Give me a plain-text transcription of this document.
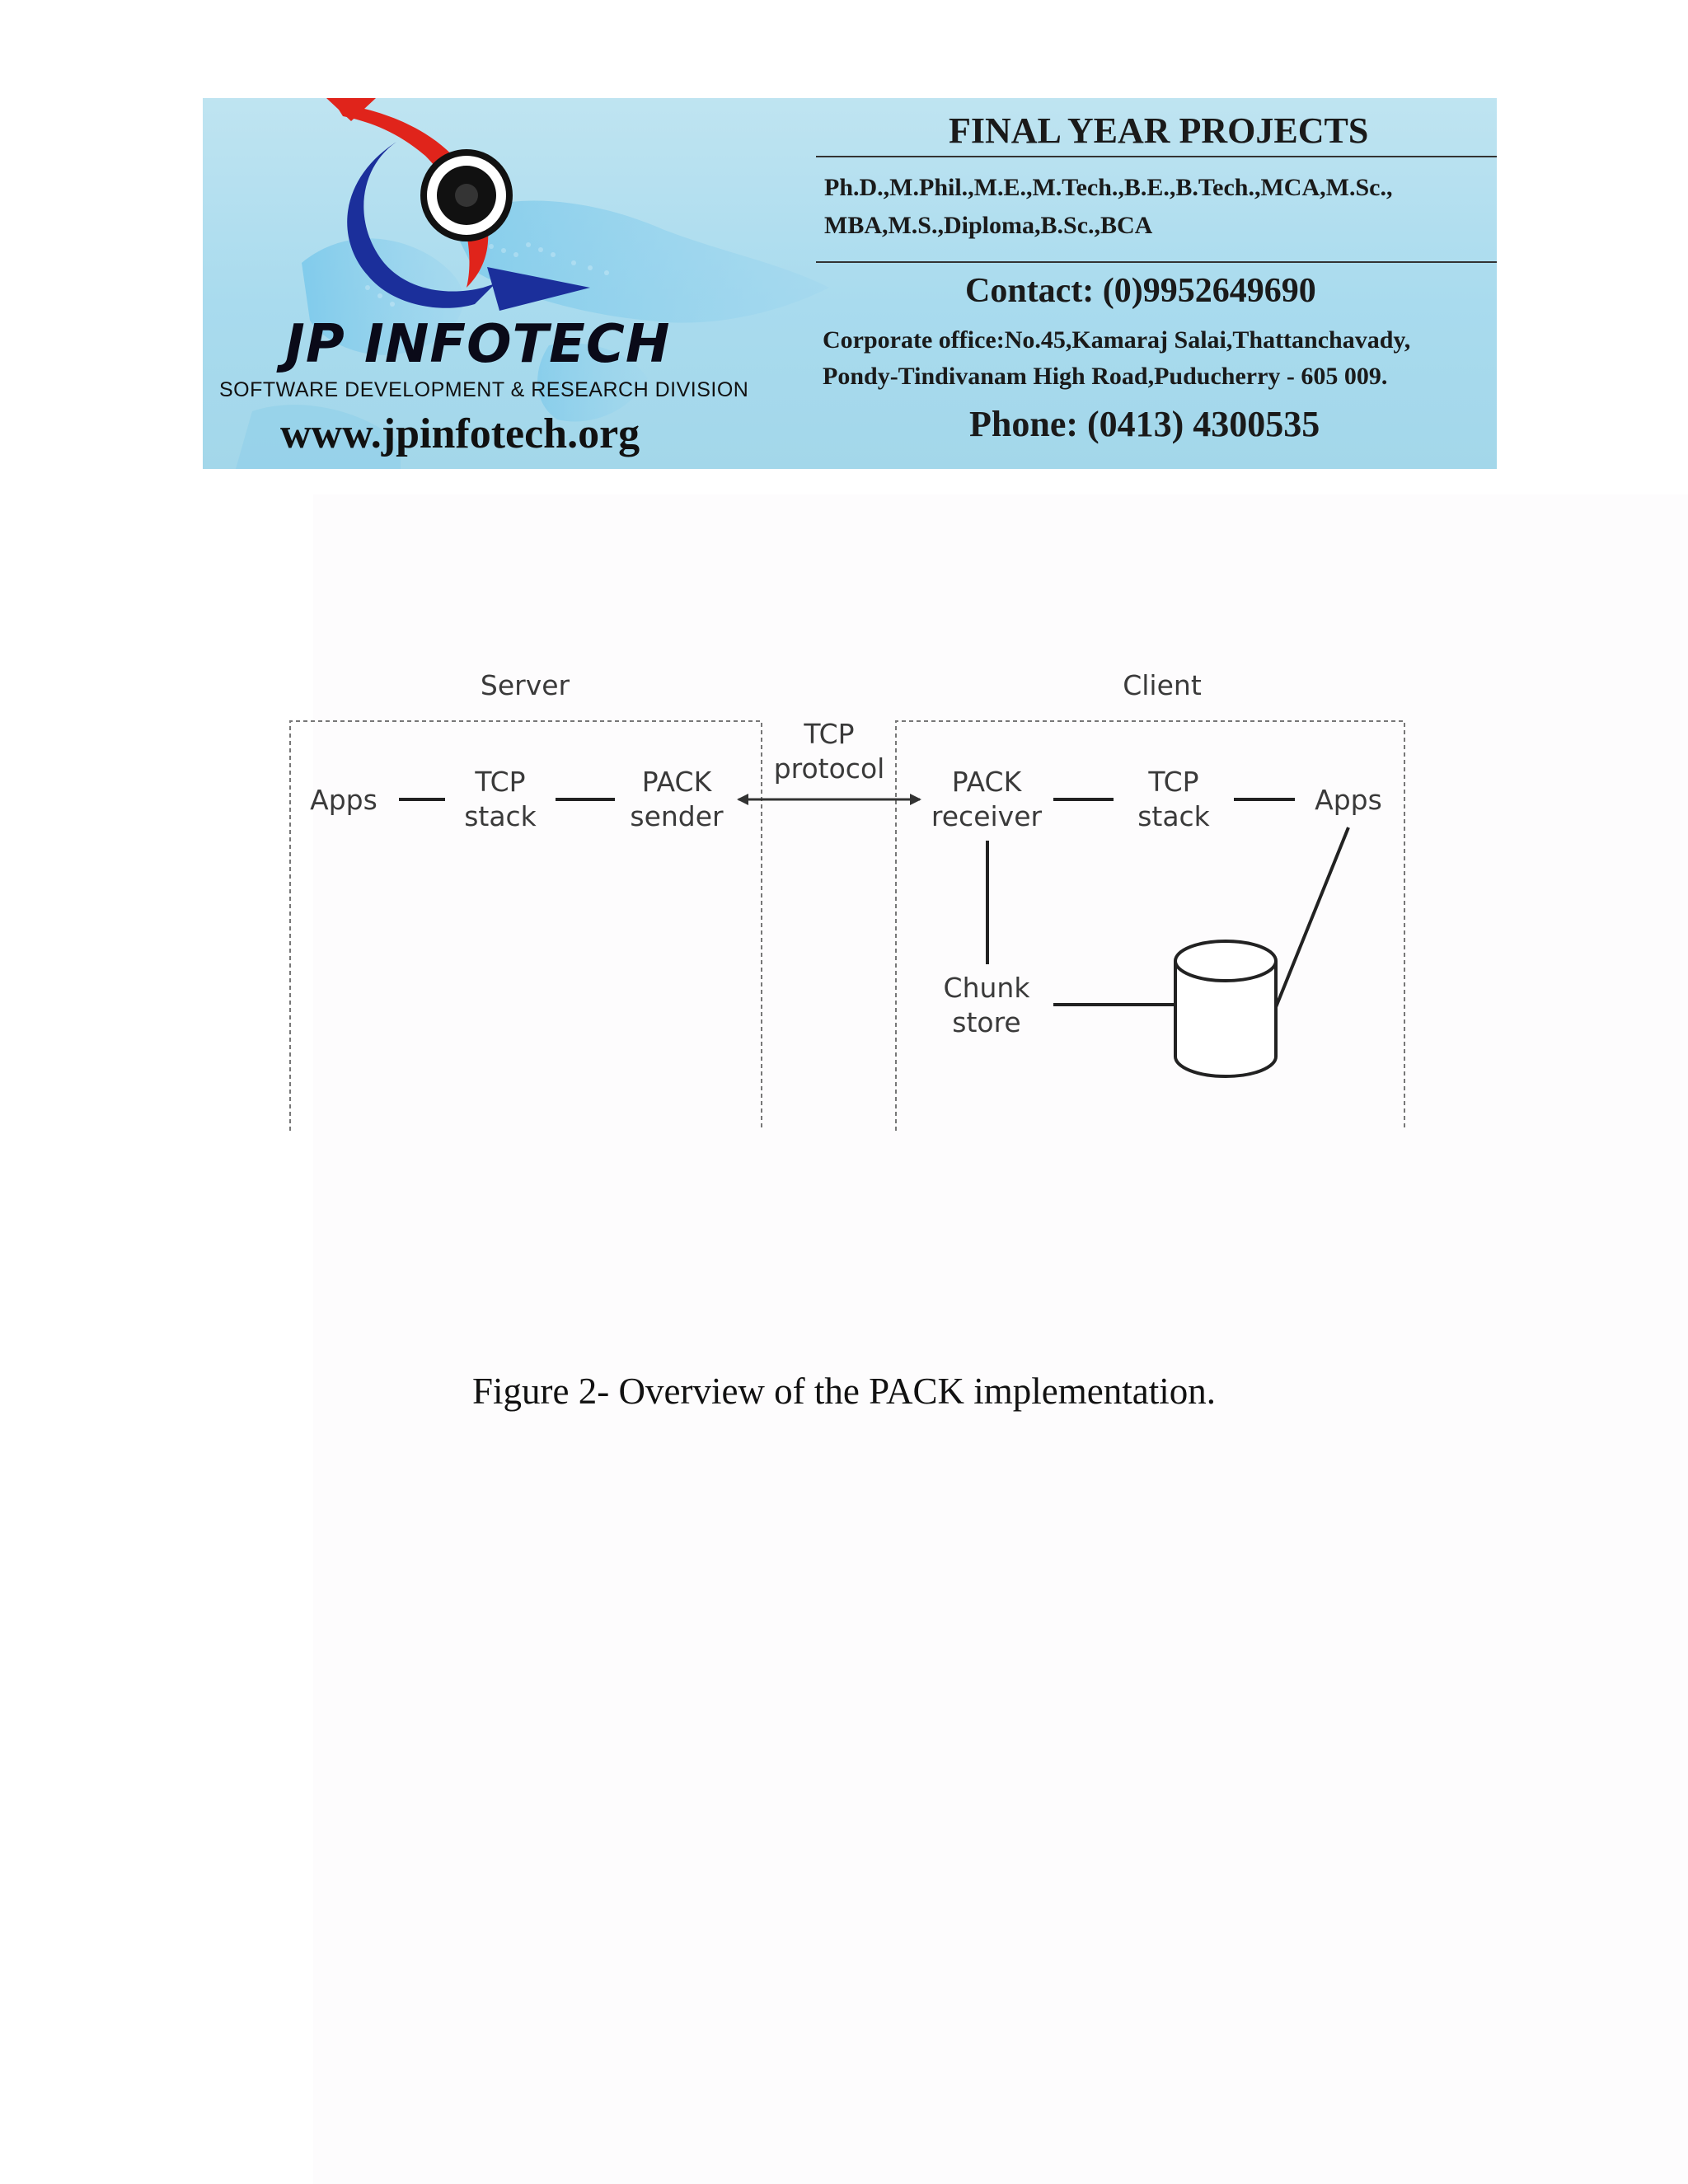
JP INFOTECH
SOFTWARE DEVELOPMENT & RESEARCH DIVISION
www.jpinfotech.org
FINAL YEAR PROJECTS
Ph.D.,M.Phil.,M.E.,M.Tech.,B.E.,B.Tech.,MCA,M.Sc.,
MBA,M.S.,Diploma,B.Sc.,BCA
Contact: (0)9952649690
Corporate office:No.45,Kamaraj Salai,Thattanchavady,
Pondy-Tindivanam High Road,Puducherry - 605 009.
Phone: (0413) 4300535
Server	Client
TCP
protocol
Apps
TCP
stack
PACK
sender
PACK
receiver
TCP
stack
Apps
Chunk
store
Figure 2- Overview of the PACK implementation.
